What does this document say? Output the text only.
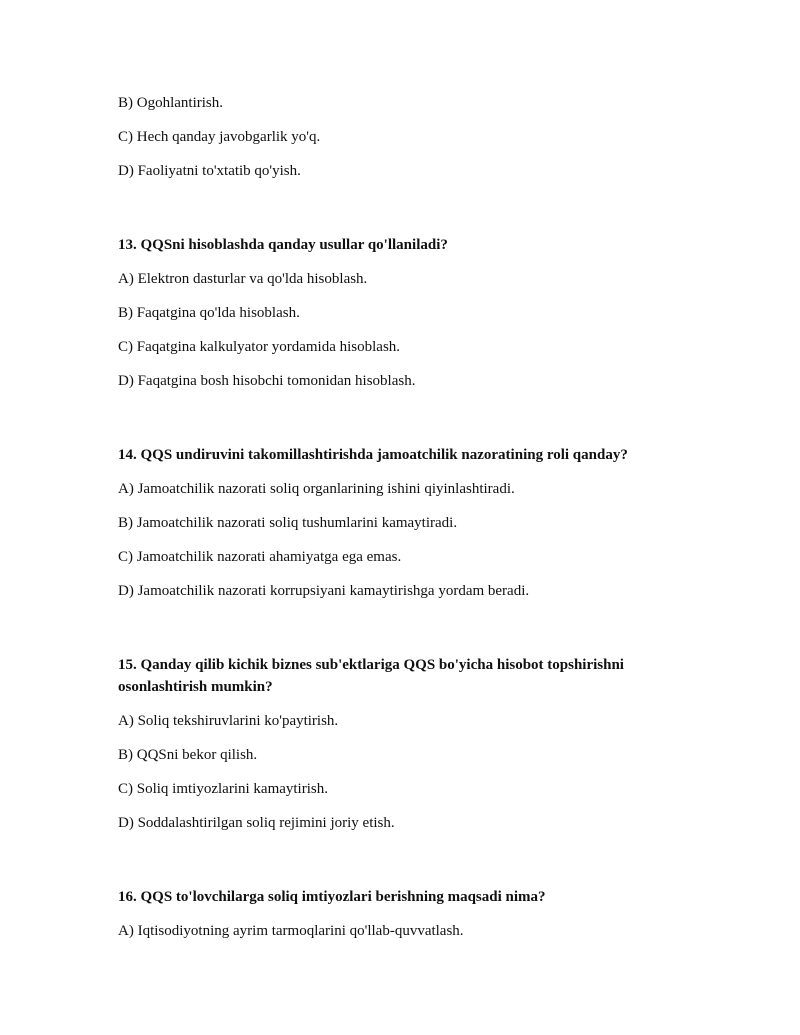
B) Ogohlantirish.
C) Hech qanday javobgarlik yo'q.
D) Faoliyatni to'xtatib qo'yish.
13. QQSni hisoblashda qanday usullar qo'llaniladi?
A) Elektron dasturlar va qo'lda hisoblash.
B) Faqatgina qo'lda hisoblash.
C) Faqatgina kalkulyator yordamida hisoblash.
D) Faqatgina bosh hisobchi tomonidan hisoblash.
14. QQS undiruvini takomillashtirishda jamoatchilik nazoratining roli qanday?
A) Jamoatchilik nazorati soliq organlarining ishini qiyinlashtiradi.
B) Jamoatchilik nazorati soliq tushumlarini kamaytiradi.
C) Jamoatchilik nazorati ahamiyatga ega emas.
D) Jamoatchilik nazorati korrupsiyani kamaytirishga yordam beradi.
15. Qanday qilib kichik biznes sub'ektlariga QQS bo'yicha hisobot topshirishni
osonlashtirish mumkin?
A) Soliq tekshiruvlarini ko'paytirish.
B) QQSni bekor qilish.
C) Soliq imtiyozlarini kamaytirish.
D) Soddalashtirilgan soliq rejimini joriy etish.
16. QQS to'lovchilarga soliq imtiyozlari berishning maqsadi nima?
A) Iqtisodiyotning ayrim tarmoqlarini qo'llab-quvvatlash.
